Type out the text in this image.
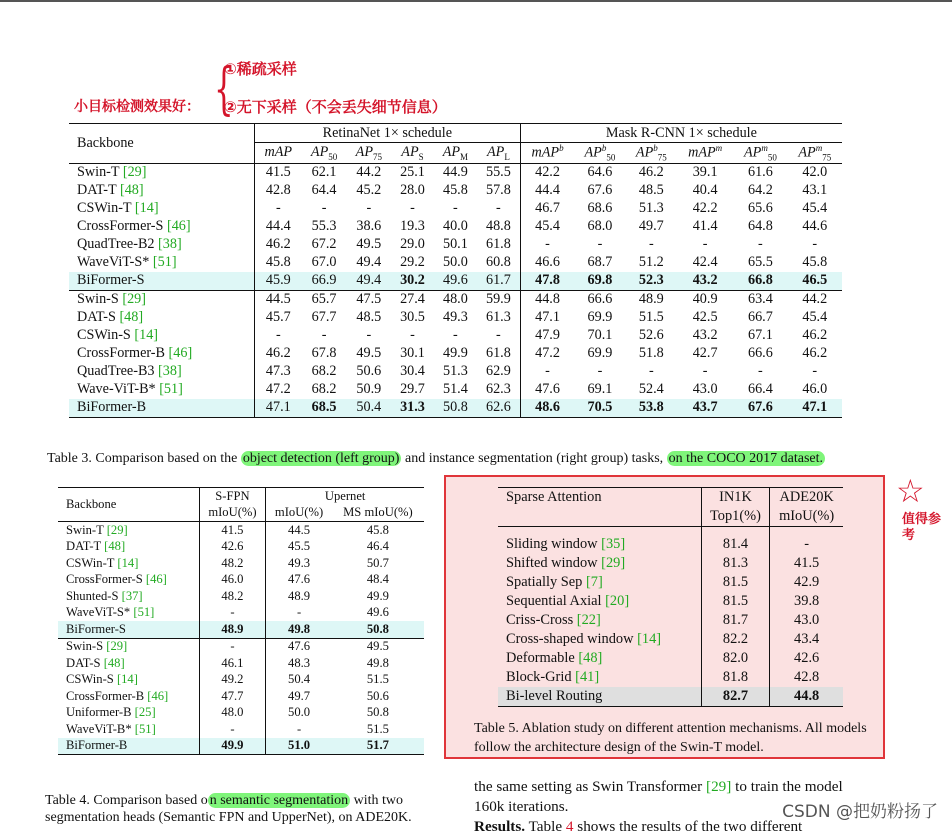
①稀疏采样
{
小目标检测效果好： ②无下采样（不会丢失细节信息）
☆
值得参考
Backbone	RetinaNet 1× schedule						Mask R-CNN 1× schedule					
	mAP	$AP_{50}$	$AP_{75}$	$AP_S$	$AP_M$	$AP_L$	mAP$^b$	$AP^b_{50}$	$AP^b_{75}$	mAP$^m$	$AP^m_{50}$	$AP^m_{75}$
Swin-T [29]	41.5	62.1	44.2	25.1	44.9	55.5	42.2	64.6	46.2	39.1	61.6	42.0
DAT-T [48]	42.8	64.4	45.2	28.0	45.8	57.8	44.4	67.6	48.5	40.4	64.2	43.1
CSWin-T [14]	-	-	-	-	-	-	46.7	68.6	51.3	42.2	65.6	45.4
CrossFormer-S [46]	44.4	55.3	38.6	19.3	40.0	48.8	45.4	68.0	49.7	41.4	64.8	44.6
QuadTree-B2 [38]	46.2	67.2	49.5	29.0	50.1	61.8	-	-	-	-	-	-
WaveViT-S* [51]	45.8	67.0	49.4	29.2	50.0	60.8	46.6	68.7	51.2	42.4	65.5	45.8
BiFormer-S	45.9	66.9	49.4	30.2	49.6	61.7	47.8	69.8	52.3	43.2	66.8	46.5
Swin-S [29]	44.5	65.7	47.5	27.4	48.0	59.9	44.8	66.6	48.9	40.9	63.4	44.2
DAT-S [48]	45.7	67.7	48.5	30.5	49.3	61.3	47.1	69.9	51.5	42.5	66.7	45.4
CSWin-S [14]	-	-	-	-	-	-	47.9	70.1	52.6	43.2	67.1	46.2
CrossFormer-B [46]	46.2	67.8	49.5	30.1	49.9	61.8	47.2	69.9	51.8	42.7	66.6	46.2
QuadTree-B3 [38]	47.3	68.2	50.6	30.4	51.3	62.9	-	-	-	-	-	-
Wave-ViT-B* [51]	47.2	68.2	50.9	29.7	51.4	62.3	47.6	69.1	52.4	43.0	66.4	46.0
BiFormer-B	47.1	68.5	50.4	31.3	50.8	62.6	48.6	70.5	53.8	43.7	67.6	47.1
Table 3. Comparison based on the object detection (left group) and instance segmentation (right group) tasks, on the COCO 2017 dataset.
Backbone	S-FPN	Upernet	
	mIoU(%)	mIoU(%)	MS mIoU(%)
Swin-T [29]	41.5	44.5	45.8
DAT-T [48]	42.6	45.5	46.4
CSWin-T [14]	48.2	49.3	50.7
CrossFormer-S [46]	46.0	47.6	48.4
Shunted-S [37]	48.2	48.9	49.9
WaveViT-S* [51]	-	-	49.6
BiFormer-S	48.9	49.8	50.8
Swin-S [29]	-	47.6	49.5
DAT-S [48]	46.1	48.3	49.8
CSWin-S [14]	49.2	50.4	51.5
CrossFormer-B [46]	47.7	49.7	50.6
Uniformer-B [25]	48.0	50.0	50.8
WaveViT-B* [51]	-	-	51.5
BiFormer-B	49.9	51.0	51.7
Table 4. Comparison based o n semantic segmentation with two segmentation heads (Semantic FPN and UpperNet), on ADE20K.
Sparse Attention	IN1K	ADE20K
	Top1(%)	mIoU(%)
Sliding window [35]	81.4	-
Shifted window [29]	81.3	41.5
Spatially Sep [7]	81.5	42.9
Sequential Axial [20]	81.5	39.8
Criss-Cross [22]	81.7	43.0
Cross-shaped window [14]	82.2	43.4
Deformable [48]	82.0	42.6
Block-Grid [41]	81.8	42.8
Bi-level Routing	82.7	44.8
Table 5. Ablation study on different attention mechanisms. All models follow the architecture design of the Swin-T model.
the same setting as Swin Transformer [29] to train the model
160k iterations.
Results. Table 4 shows the results of the two different
CSDN @把奶粉扬了
